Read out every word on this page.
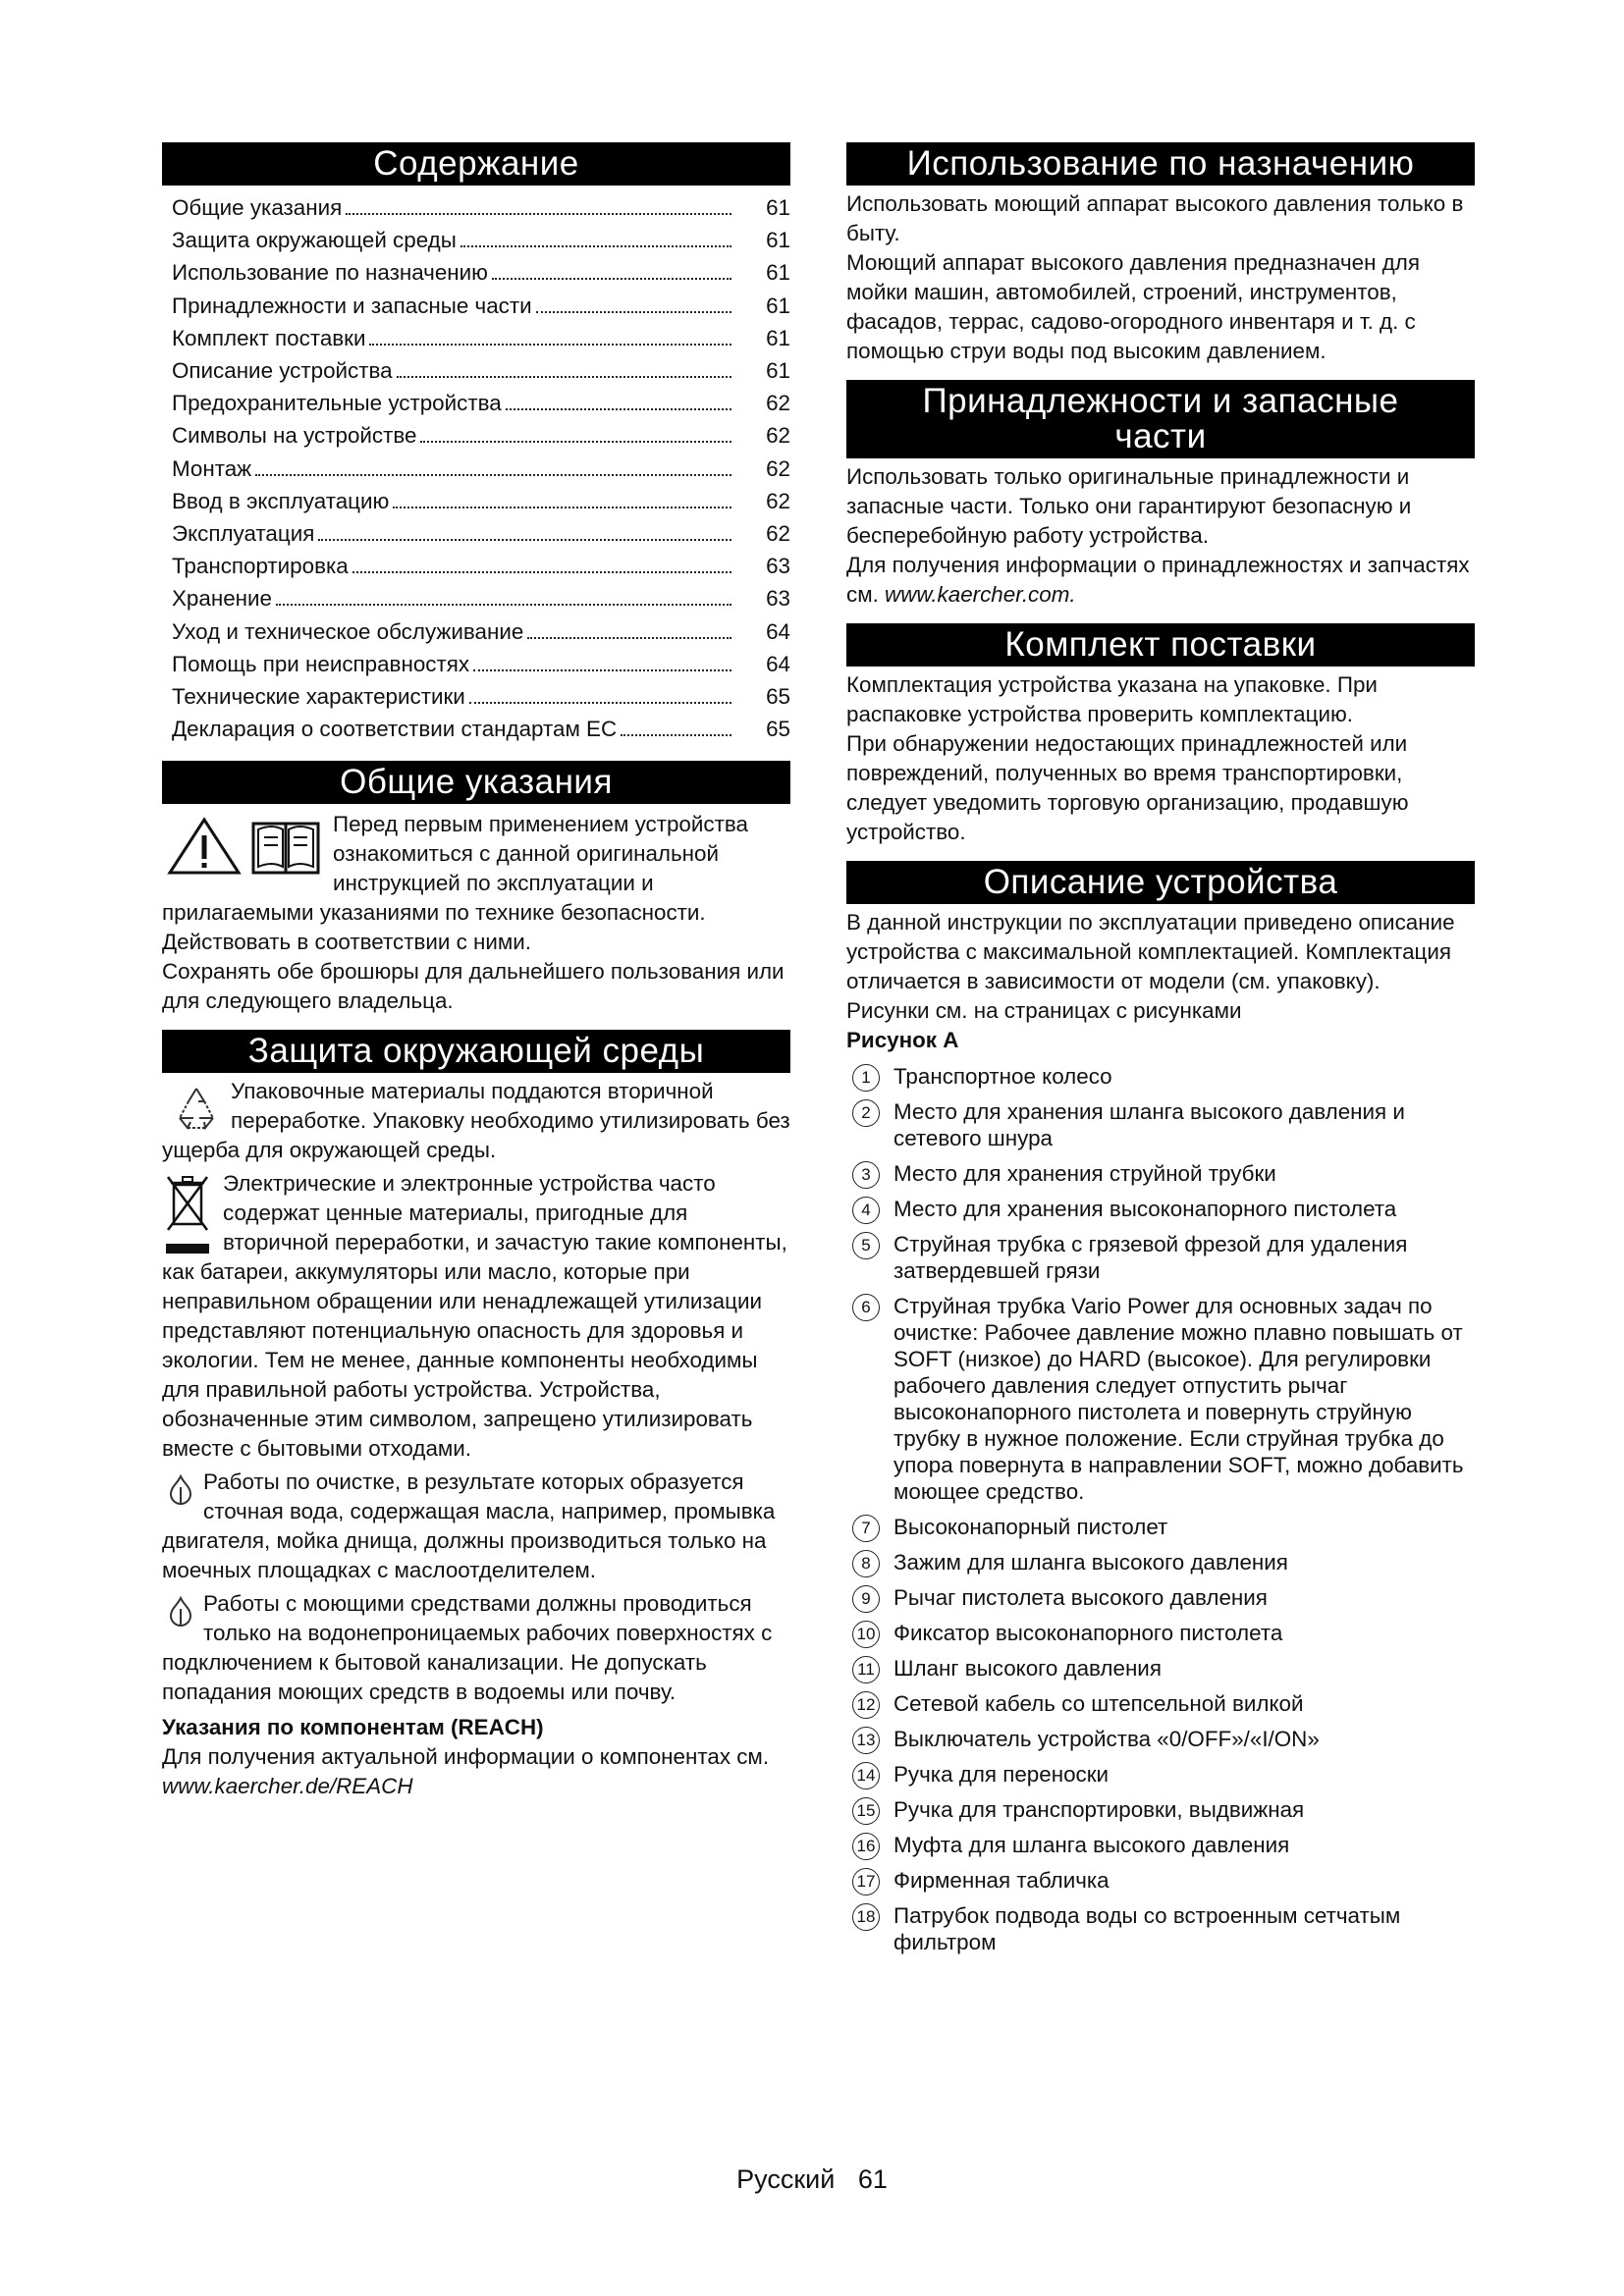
Содержание
Общие указания	61
Защита окружающей среды	61
Использование по назначению	61
Принадлежности и запасные части	61
Комплект поставки	61
Описание устройства	61
Предохранительные устройства	62
Символы на устройстве	62
Монтаж	62
Ввод в эксплуатацию	62
Эксплуатация	62
Транспортировка	63
Хранение	63
Уход и техническое обслуживание	64
Помощь при неисправностях	64
Технические характеристики	65
Декларация о соответствии стандартам ЕС	65
Общие указания

Перед первым применением устройства ознакомиться с данной оригинальной инструкцией по эксплуатации и прилагаемыми указаниями по технике безопасности. Действовать в соответствии с ними.

Сохранять обе брошюры для дальнейшего пользования или для следующего владельца.

Защита окружающей среды

Упаковочные материалы поддаются вторичной переработке. Упаковку необходимо утилизировать без ущерба для окружающей среды.

Электрические и электронные устройства часто содержат ценные материалы, пригодные для вторичной переработки, и зачастую такие компоненты, как батареи, аккумуляторы или масло, которые при неправильном обращении или ненадлежащей утилизации представляют потенциальную опасность для здоровья и экологии. Тем не менее, данные компоненты необходимы для правильной работы устройства. Устройства, обозначенные этим символом, запрещено утилизировать вместе с бытовыми отходами.

Работы по очистке, в результате которых образуется сточная вода, содержащая масла, например, промывка двигателя, мойка днища, должны производиться только на моечных площадках с маслоотделителем.

Работы с моющими средствами должны проводиться только на водонепроницаемых рабочих поверхностях с подключением к бытовой канализации. Не допускать попадания моющих средств в водоемы или почву.

Указания по компонентам (REACH)

Для получения актуальной информации о компонентах см. www.kaercher.de/REACH

Использование по назначению

Использовать моющий аппарат высокого давления только в быту.

Моющий аппарат высокого давления предназначен для мойки машин, автомобилей, строений, инструментов, фасадов, террас, садово-огородного инвентаря и т. д. с помощью струи воды под высоким давлением.

Принадлежности и запасные
части

Использовать только оригинальные принадлежности и запасные части. Только они гарантируют безопасную и бесперебойную работу устройства.

Для получения информации о принадлежностях и запчастях см. www.kaercher.com.

Комплект поставки

Комплектация устройства указана на упаковке. При распаковке устройства проверить комплектацию.

При обнаружении недостающих принадлежностей или повреждений, полученных во время транспортировки, следует уведомить торговую организацию, продавшую устройство.

Описание устройства

В данной инструкции по эксплуатации приведено описание устройства с максимальной комплектацией. Комплектация отличается в зависимости от модели (см. упаковку).

Рисунки см. на страницах с рисунками

Рисунок А

1	Транспортное колесо
2	Место для хранения шланга высокого давления и сетевого шнура
3	Место для хранения струйной трубки
4	Место для хранения высоконапорного пистолета
5	Струйная трубка с грязевой фрезой для удаления затвердевшей грязи
6	Струйная трубка Vario Power для основных задач по очистке: Рабочее давление можно плавно повышать от SOFT (низкое) до HARD (высокое). Для регулировки рабочего давления следует отпустить рычаг высоконапорного пистолета и повернуть струйную трубку в нужное положение. Если струйная трубка до упора повернута в направлении SOFT, можно добавить моющее средство.
7	Высоконапорный пистолет
8	Зажим для шланга высокого давления
9	Рычаг пистолета высокого давления
10 Фиксатор высоконапорного пистолета
11 Шланг высокого давления
12 Сетевой кабель со штепсельной вилкой
13 Выключатель устройства «0/OFF»/«I/ON»
14 Ручка для переноски
15 Ручка для транспортировки, выдвижная
16 Муфта для шланга высокого давления
17 Фирменная табличка
18 Патрубок подвода воды со встроенным сетчатым фильтром
Русский 61
